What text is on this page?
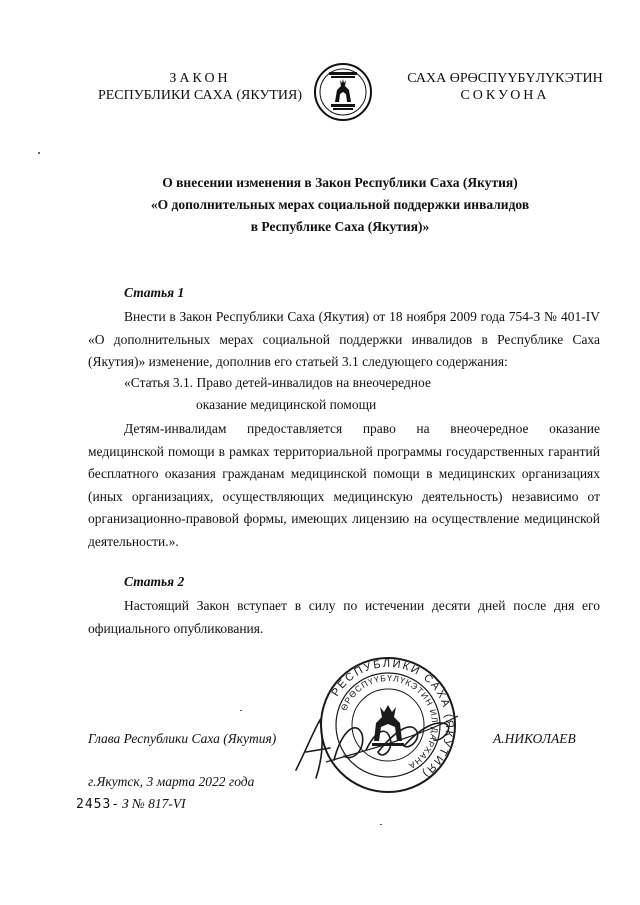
ЗАКОН
РЕСПУБЛИКИ САХА (ЯКУТИЯ)
САХА ӨРӨСПҮҮБҮЛҮКЭТИН
СОКУОНА
О внесении изменения в Закон Республики Саха (Якутия)
«О дополнительных мерах социальной поддержки инвалидов
в Республике Саха (Якутия)»
Статья 1
Внести в Закон Республики Саха (Якутия) от 18 ноября 2009 года 754-З № 401-IV
«О дополнительных мерах социальной поддержки инвалидов в Республике Саха
(Якутия)» изменение, дополнив его статьей 3.1 следующего содержания:
«Статья 3.1. Право детей-инвалидов на внеочередное
оказание медицинской помощи
Детям-инвалидам предоставляется право на внеочередное оказание
медицинской помощи в рамках территориальной программы государственных гарантий
бесплатного оказания гражданам медицинской помощи в медицинских организациях
(иных организациях, осуществляющих медицинскую деятельность) независимо от
организационно-правовой формы, имеющих лицензию на осуществление медицинской
деятельности.».
Статья 2
Настоящий Закон вступает в силу по истечении десяти дней после дня его
официального опубликования.
РЕСПУБЛИКИ САХА (ЯКУТИЯ)
ӨРӨСПҮҮБҮЛҮКЭТИН ИЛ ДАРХАНА
Глава Республики Саха (Якутия)	А.НИКОЛАЕВ
г.Якутск, 3 марта 2022 года
2453- З № 817-VI
